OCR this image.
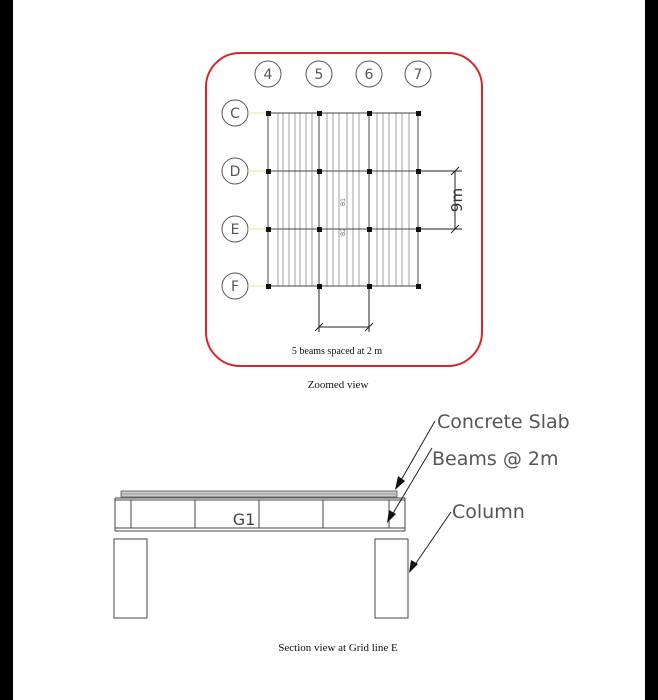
4	5	6	7
C
D
E
F
B1
B2
9m
5 beams spaced at 2 m
Zoomed view
G1
Concrete Slab
Beams @ 2m
Column
Section view at Grid line E
